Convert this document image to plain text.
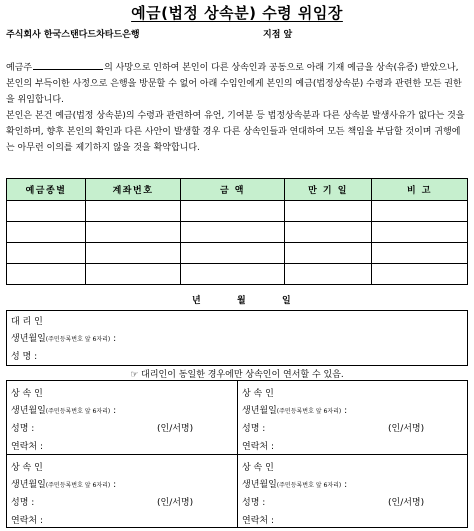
예금(법정 상속분) 수령 위임장
주식회사 한국스탠다드차타드은행	지점 앞

예금주	의 사망으로 인하여 본인이 다른 상속인과 공동으로 아래 기재 예금을 상속(유증) 받았으나, 본인의 부득이한 사정으로 은행을 방문할 수 없어 아래 수임인에게 본인의 예금(법정상속분) 수령과 관련한 모든 권한을 위임합니다.

본인은 본건 예금(법정 상속분)의 수령과 관련하여 유언, 기여분 등 법정상속분과 다른 상속분 발생사유가 없다는 것을 확인하며, 향후 본인의 확인과 다른 사안이 발생할 경우 다른 상속인들과 연대하여 모든 책임을 부담할 것이며 귀행에는 아무런 이의를 제기하지 않을 것을 확약합니다.

예금종별	계좌번호	금 액	만 기 일	비 고

년	월	일
대 리 인
생년월일(주민등록번호 앞 6자리) :
성 명 :
☞ 대리인이 동일한 경우에만 상속인이 연서할 수 있음.
상 속 인
생년월일(주민등록번호 앞 6자리) :
성명 :	(인/서명)
연락처 :
상 속 인
생년월일(주민등록번호 앞 6자리) :
성명 :	(인/서명)
연락처 :
상 속 인
생년월일(주민등록번호 앞 6자리) :
성명 :	(인/서명)
연락처 :
상 속 인
생년월일(주민등록번호 앞 6자리) :
성명 :	(인/서명)
연락처 :
